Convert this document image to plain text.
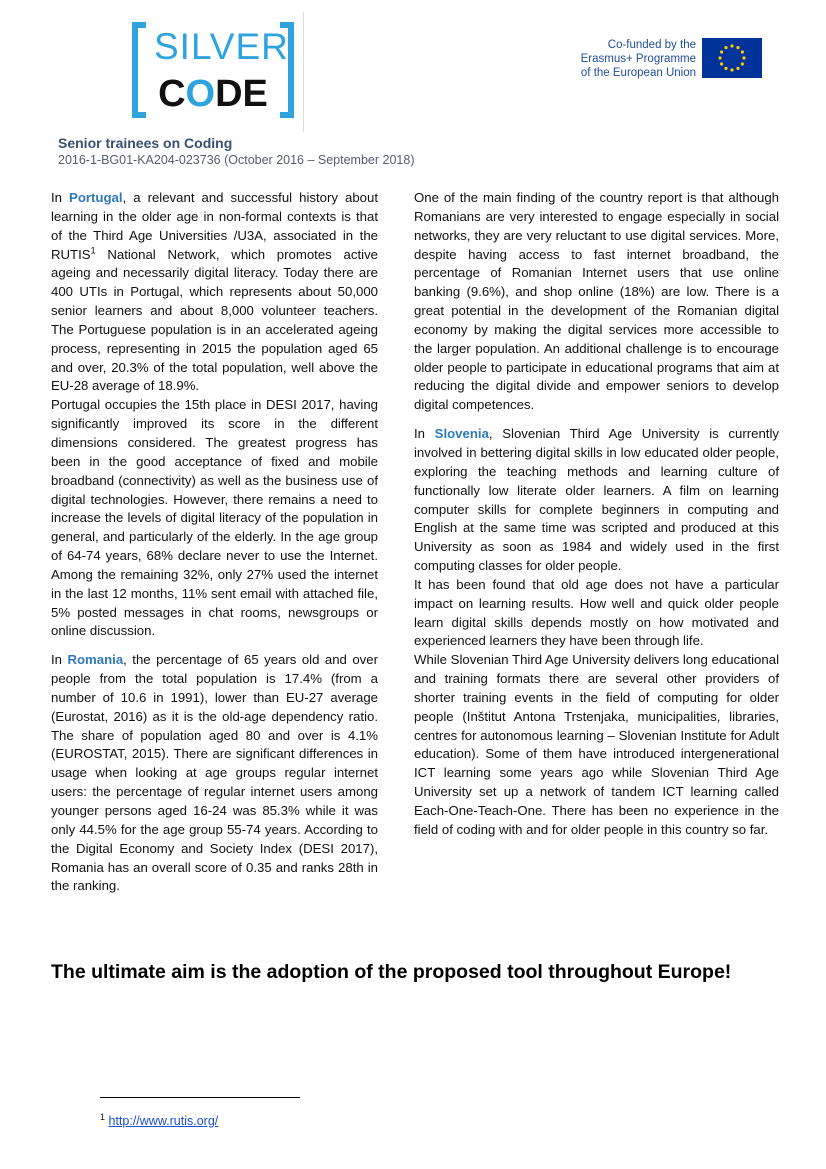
SILVER
CODE
Co-funded by the
Erasmus+ Programme
of the European Union
Senior trainees on Coding
2016-1-BG01-KA204-023736 (October 2016 – September 2018)

In Portugal, a relevant and successful history about learning in the older age in non-formal contexts is that of the Third Age Universities /U3A, associated in the RUTIS$^1$ National Network, which promotes active ageing and necessarily digital literacy. Today there are 400 UTIs in Portugal, which represents about 50,000 senior learners and about 8,000 volunteer teachers. The Portuguese population is in an accelerated ageing process, representing in 2015 the population aged 65 and over, 20.3% of the total population, well above the EU-28 average of 18.9%.

Portugal occupies the 15th place in DESI 2017, having significantly improved its score in the different dimensions considered. The greatest progress has been in the good acceptance of fixed and mobile broadband (connectivity) as well as the business use of digital technologies. However, there remains a need to increase the levels of digital literacy of the population in general, and particularly of the elderly. In the age group of 64-74 years, 68% declare never to use the Internet. Among the remaining 32%, only 27% used the internet in the last 12 months, 11% sent email with attached file, 5% posted messages in chat rooms, newsgroups or online discussion.

In Romania, the percentage of 65 years old and over people from the total population is 17.4% (from a number of 10.6 in 1991), lower than EU-27 average (Eurostat, 2016) as it is the old-age dependency ratio. The share of population aged 80 and over is 4.1% (EUROSTAT, 2015). There are significant differences in usage when looking at age groups regular internet users: the percentage of regular internet users among younger persons aged 16-24 was 85.3% while it was only 44.5% for the age group 55-74 years. According to the Digital Economy and Society Index (DESI 2017), Romania has an overall score of 0.35 and ranks 28th in the ranking.

One of the main finding of the country report is that although Romanians are very interested to engage especially in social networks, they are very reluctant to use digital services. More, despite having access to fast internet broadband, the percentage of Romanian Internet users that use online banking (9.6%), and shop online (18%) are low. There is a great potential in the development of the Romanian digital economy by making the digital services more accessible to the larger population. An additional challenge is to encourage older people to participate in educational programs that aim at reducing the digital divide and empower seniors to develop digital competences.

In Slovenia, Slovenian Third Age University is currently involved in bettering digital skills in low educated older people, exploring the teaching methods and learning culture of functionally low literate older learners. A film on learning computer skills for complete beginners in computing and English at the same time was scripted and produced at this University as soon as 1984 and widely used in the first computing classes for older people.

It has been found that old age does not have a particular impact on learning results. How well and quick older people learn digital skills depends mostly on how motivated and experienced learners they have been through life.

While Slovenian Third Age University delivers long educational and training formats there are several other providers of shorter training events in the field of computing for older people (Inštitut Antona Trstenjaka, municipalities, libraries, centres for autonomous learning – Slovenian Institute for Adult education). Some of them have introduced intergenerational ICT learning some years ago while Slovenian Third Age University set up a network of tandem ICT learning called Each-One-Teach-One. There has been no experience in the field of coding with and for older people in this country so far.

The ultimate aim is the adoption of the proposed tool throughout Europe!
$^1$ http://www.rutis.org/
